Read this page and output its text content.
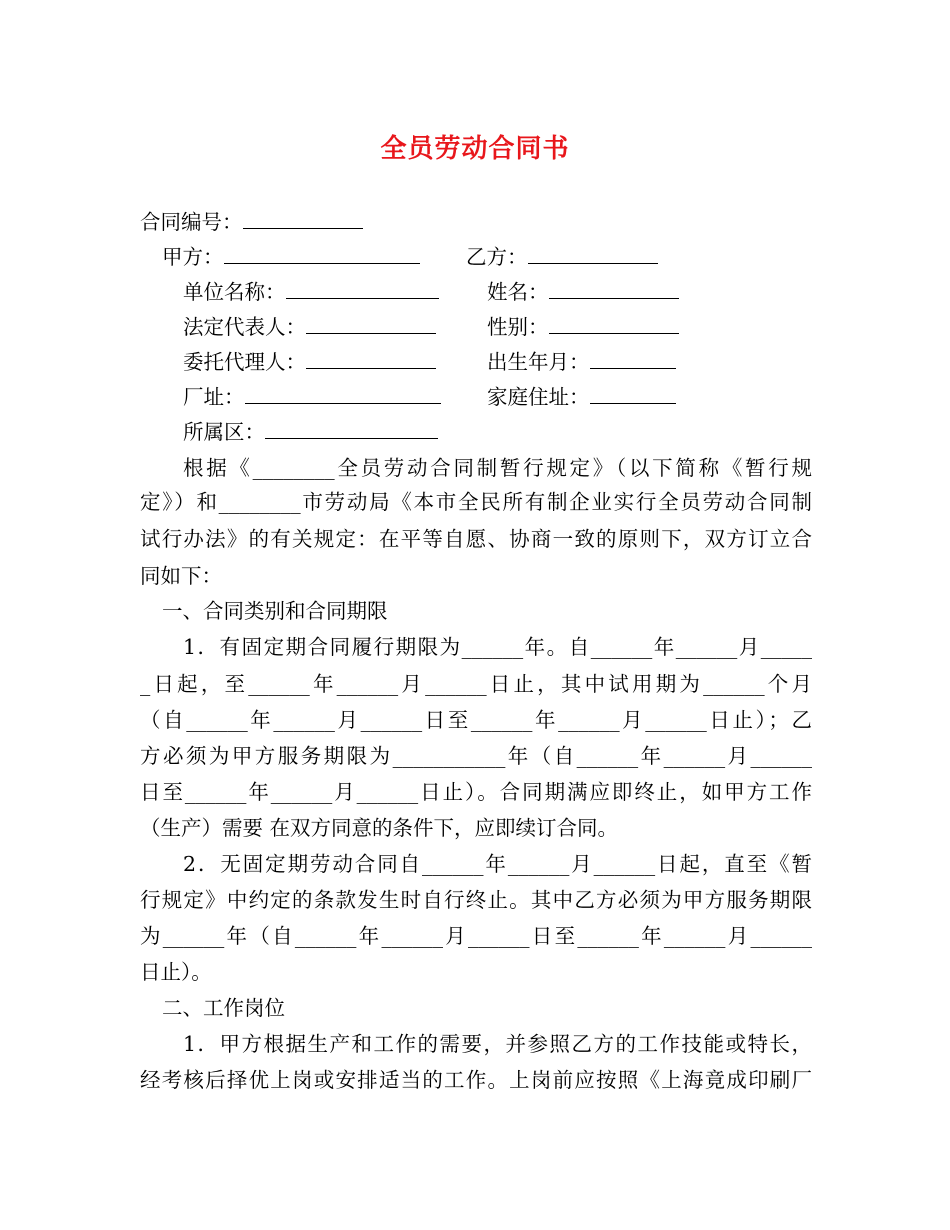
全员劳动合同书
合同编号：
甲方：	乙方：
单位名称：	姓名：
法定代表人：	性别：
委托代理人：	出生年月：
厂址：	家庭住址：
所属区：
根据《________全员劳动合同制暂行规定》（以下简称《暂行规
定》）和________市劳动局《本市全民所有制企业实行全员劳动合同制
试行办法》的有关规定：在平等自愿、协商一致的原则下，双方订立合
同如下：
一、合同类别和合同期限
1．有固定期合同履行期限为______年。自______年______月_____
_日起，至______年______月______日止，其中试用期为______个月
（自______年______月______日至______年______月______日止）；乙
方必须为甲方服务期限为___________年（自______年______月______
日至______年______月______日止）。合同期满应即终止，如甲方工作
（生产）需要 在双方同意的条件下，应即续订合同。
2．无固定期劳动合同自______年______月______日起，直至《暂
行规定》中约定的条款发生时自行终止。其中乙方必须为甲方服务期限
为______年（自______年______月______日至______年______月______
日止）。
二、工作岗位
1．甲方根据生产和工作的需要，并参照乙方的工作技能或特长，
经考核后择优上岗或安排适当的工作。上岗前应按照《上海竟成印刷厂
